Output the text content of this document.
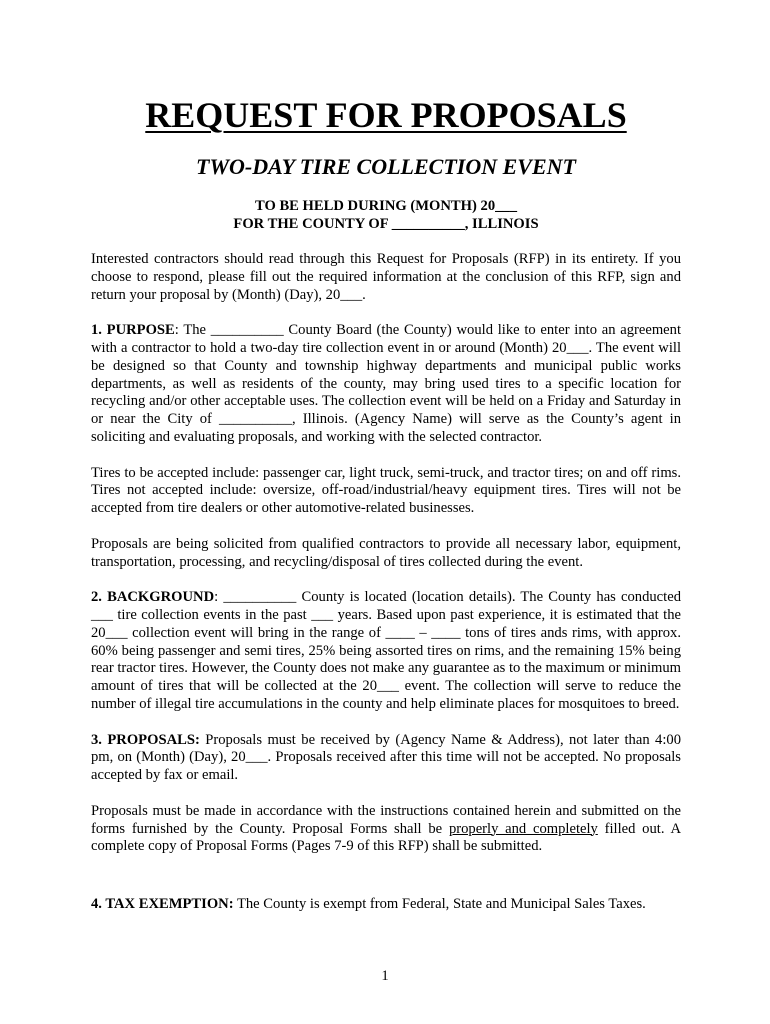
REQUEST FOR PROPOSALS
TWO-DAY TIRE COLLECTION EVENT
TO BE HELD DURING (MONTH) 20___
FOR THE COUNTY OF __________, ILLINOIS

Interested contractors should read through this Request for Proposals (RFP) in its entirety. If you choose to respond, please fill out the required information at the conclusion of this RFP, sign and return your proposal by (Month) (Day), 20___.

1. PURPOSE: The __________ County Board (the County) would like to enter into an agreement with a contractor to hold a two-day tire collection event in or around (Month) 20___. The event will be designed so that County and township highway departments and municipal public works departments, as well as residents of the county, may bring used tires to a specific location for recycling and/or other acceptable uses. The collection event will be held on a Friday and Saturday in or near the City of __________, Illinois. (Agency Name) will serve as the County’s agent in soliciting and evaluating proposals, and working with the selected contractor.

Tires to be accepted include: passenger car, light truck, semi-truck, and tractor tires; on and off rims. Tires not accepted include: oversize, off-road/industrial/heavy equipment tires. Tires will not be accepted from tire dealers or other automotive-related businesses.

Proposals are being solicited from qualified contractors to provide all necessary labor, equipment, transportation, processing, and recycling/disposal of tires collected during the event.

2. BACKGROUND: __________ County is located (location details). The County has conducted ___ tire collection events in the past ___ years. Based upon past experience, it is estimated that the 20___ collection event will bring in the range of ____ – ____ tons of tires ands rims, with approx. 60% being passenger and semi tires, 25% being assorted tires on rims, and the remaining 15% being rear tractor tires. However, the County does not make any guarantee as to the maximum or minimum amount of tires that will be collected at the 20___ event. The collection will serve to reduce the number of illegal tire accumulations in the county and help eliminate places for mosquitoes to breed.

3. PROPOSALS: Proposals must be received by (Agency Name & Address), not later than 4:00 pm, on (Month) (Day), 20___. Proposals received after this time will not be accepted. No proposals accepted by fax or email.

Proposals must be made in accordance with the instructions contained herein and submitted on the forms furnished by the County. Proposal Forms shall be properly and completely filled out. A complete copy of Proposal Forms (Pages 7-9 of this RFP) shall be submitted.

4. TAX EXEMPTION: The County is exempt from Federal, State and Municipal Sales Taxes.

1
